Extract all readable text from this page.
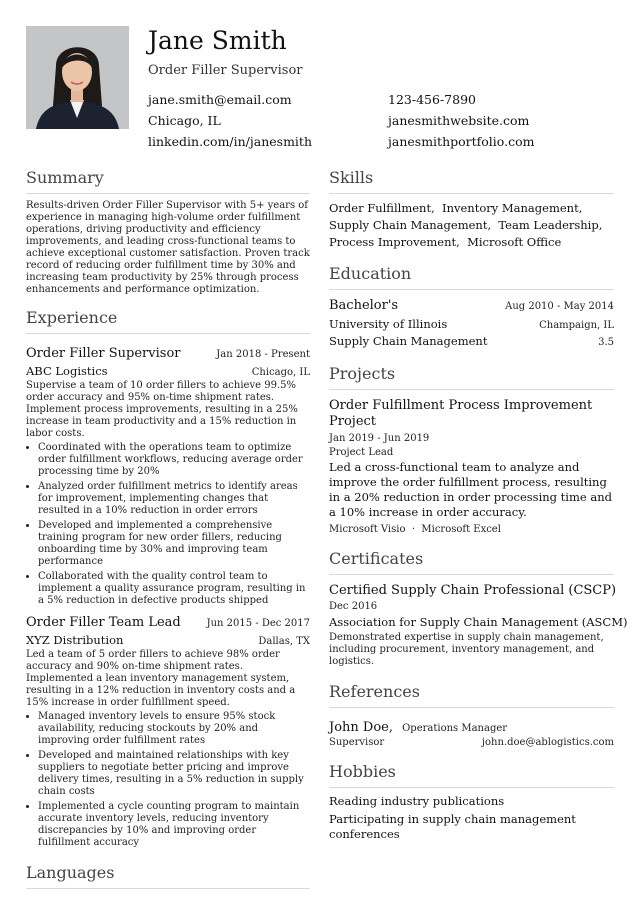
Jane Smith
Order Filler Supervisor
jane.smith@email.com	123-456-7890
Chicago, IL	janesmithwebsite.com
linkedin.com/in/janesmith	janesmithportfolio.com
Summary
Results-driven Order Filler Supervisor with 5+ years of experience in managing high-volume order fulfillment operations, driving productivity and efficiency improvements, and leading cross-functional teams to achieve exceptional customer satisfaction. Proven track record of reducing order fulfillment time by 30% and increasing team productivity by 25% through process enhancements and performance optimization.
Experience
Order Filler Supervisor	Jan 2018 - Present
ABC Logistics	Chicago, IL
Supervise a team of 10 order fillers to achieve 99.5% order accuracy and 95% on-time shipment rates. Implement process improvements, resulting in a 25% increase in team productivity and a 15% reduction in labor costs.
• Coordinated with the operations team to optimize order fulfillment workflows, reducing average order processing time by 20%
• Analyzed order fulfillment metrics to identify areas for improvement, implementing changes that resulted in a 10% reduction in order errors
• Developed and implemented a comprehensive training program for new order fillers, reducing onboarding time by 30% and improving team performance
• Collaborated with the quality control team to implement a quality assurance program, resulting in a 5% reduction in defective products shipped
Order Filler Team Lead	Jun 2015 - Dec 2017
XYZ Distribution	Dallas, TX
Led a team of 5 order fillers to achieve 98% order accuracy and 90% on-time shipment rates. Implemented a lean inventory management system, resulting in a 12% reduction in inventory costs and a 15% increase in order fulfillment speed.
• Managed inventory levels to ensure 95% stock availability, reducing stockouts by 20% and improving order fulfillment rates
• Developed and maintained relationships with key suppliers to negotiate better pricing and improve delivery times, resulting in a 5% reduction in supply chain costs
• Implemented a cycle counting program to maintain accurate inventory levels, reducing inventory discrepancies by 10% and improving order fulfillment accuracy
Languages
Skills
Order Fulfillment,  Inventory Management,
Supply Chain Management,  Team Leadership,
Process Improvement,  Microsoft Office
Education
Bachelor's	Aug 2010 - May 2014
University of Illinois	Champaign, IL
Supply Chain Management	3.5
Projects
Order Fulfillment Process Improvement Project
Jan 2019 - Jun 2019
Project Lead
Led a cross-functional team to analyze and improve the order fulfillment process, resulting in a 20% reduction in order processing time and a 10% increase in order accuracy.
Microsoft Visio  ·  Microsoft Excel
Certificates
Certified Supply Chain Professional (CSCP)
Dec 2016
Association for Supply Chain Management (ASCM)
Demonstrated expertise in supply chain management, including procurement, inventory management, and logistics.
References
John Doe, Operations Manager
Supervisor	john.doe@ablogistics.com
Hobbies
Reading industry publications
Participating in supply chain management conferences
